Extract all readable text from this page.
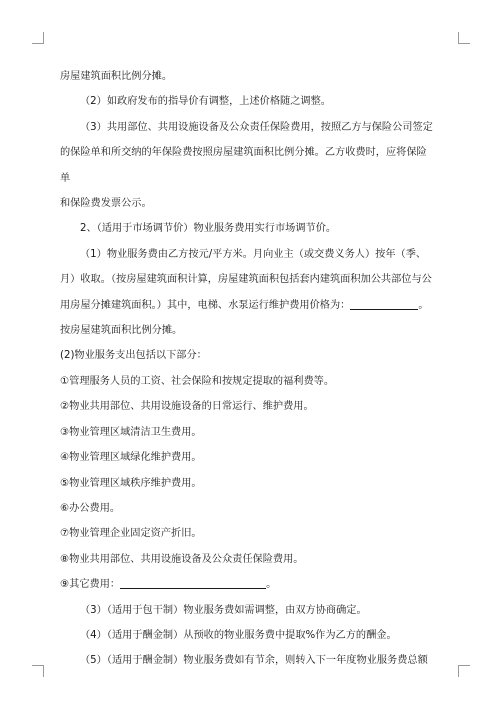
房屋建筑面积比例分摊。
（2）如政府发布的指导价有调整，上述价格随之调整。
（3）共用部位、共用设施设备及公众责任保险费用，按照乙方与保险公司签定
的保险单和所交纳的年保险费按照房屋建筑面积比例分摊。乙方收费时，应将保险单
和保险费发票公示。
2、（适用于市场调节价）物业服务费用实行市场调节价。
（1）物业服务费由乙方按元/平方米。月向业主（或交费义务人）按年（季、
月）收取。（按房屋建筑面积计算，房屋建筑面积包括套内建筑面积加公共部位与公
用房屋分摊建筑面积。）其中，电梯、水泵运行维护费用价格为：	。
按房屋建筑面积比例分摊。
(2)物业服务支出包括以下部分：
①管理服务人员的工资、社会保险和按规定提取的福利费等。
②物业共用部位、共用设施设备的日常运行、维护费用。
③物业管理区域清洁卫生费用。
④物业管理区域绿化维护费用。
⑤物业管理区域秩序维护费用。
⑥办公费用。
⑦物业管理企业固定资产折旧。
⑧物业共用部位、共用设施设备及公众责任保险费用。
⑨其它费用：	。
（3）（适用于包干制）物业服务费如需调整，由双方协商确定。
（4）（适用于酬金制）从预收的物业服务费中提取%作为乙方的酬金。
（5）（适用于酬金制）物业服务费如有节余，则转入下一年度物业服务费总额
